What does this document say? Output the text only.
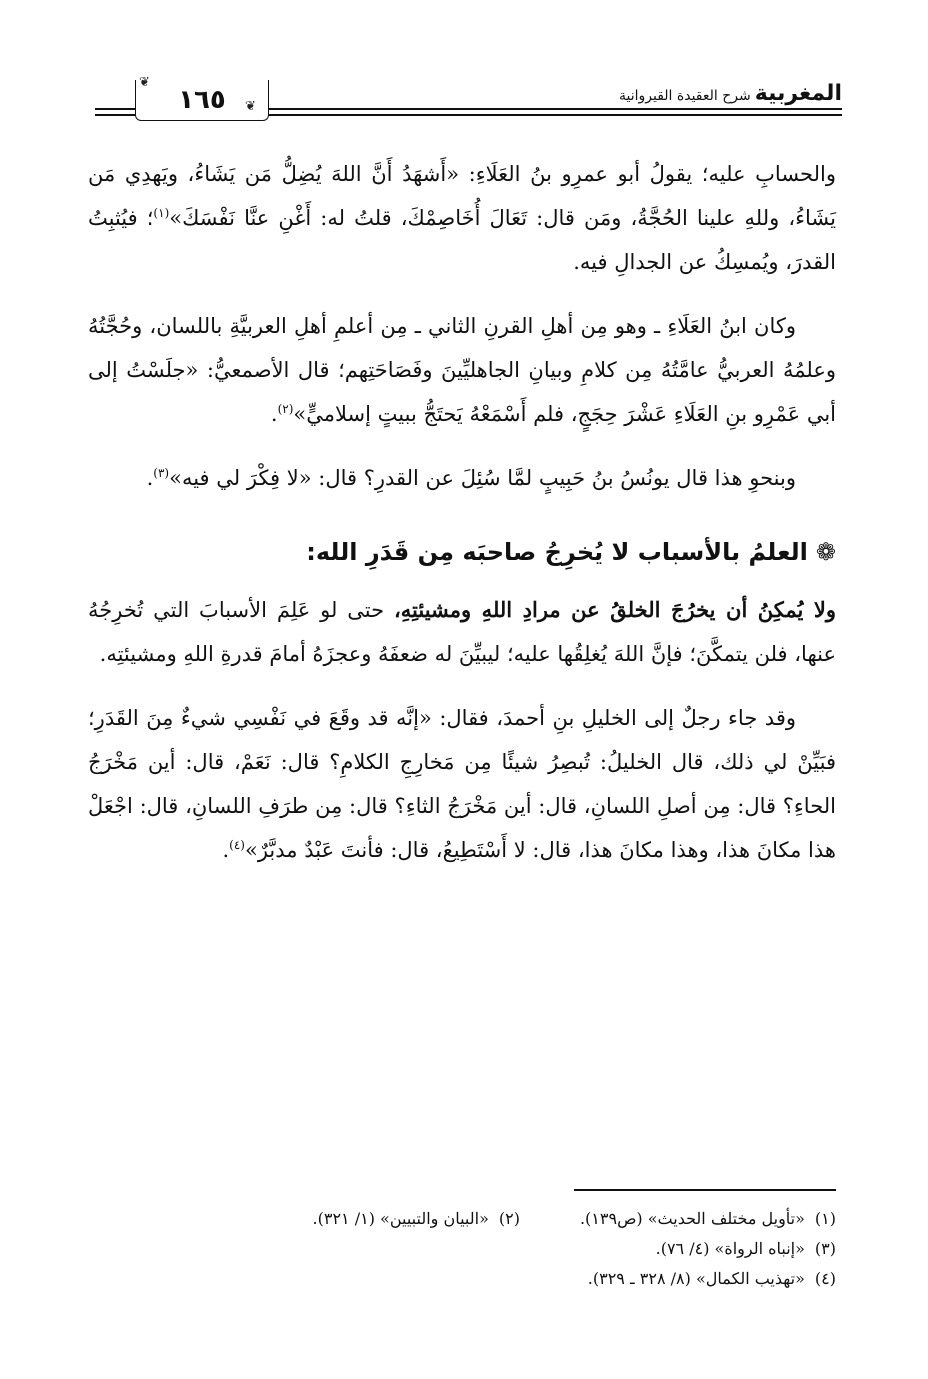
١٦٥
❦
❦
المغربية
شرح العقيدة القيروانية

والحسابِ عليه؛ يقولُ أبو عمرِو بنُ العَلَاءِ: «أَشهَدُ أَنَّ اللهَ يُضِلُّ مَن يَشَاءُ، ويَهدِي مَن يَشَاءُ، وللهِ علينا الحُجَّةُ، ومَن قال: تَعَالَ أُخَاصِمْكَ، قلتُ له: أَغْنِ عنَّا نَفْسَكَ»$^{(١)}$؛ فيُثبِتُ القدرَ، ويُمسِكُ عن الجدالِ فيه.

وكان ابنُ العَلَاءِ ـ وهو مِن أهلِ القرنِ الثاني ـ مِن أعلمِ أهلِ العربيَّةِ باللسان، وحُجَّتُهُ وعلمُهُ العربيُّ عامَّتُهُ مِن كلامِ وبيانِ الجاهليِّينَ وفَصَاحَتِهم؛ قال الأصمعيُّ: «جلَسْتُ إلى أبي عَمْرِو بنِ العَلَاءِ عَشْرَ حِجَجٍ، فلم أَسْمَعْهُ يَحتَجُّ ببيتٍ إسلاميٍّ»$^{(٢)}$.

وبنحوِ هذا قال يونُسُ بنُ حَبِيبٍ لمَّا سُئِلَ عن القدرِ؟ قال: «لا فِكْرَ لي فيه»$^{(٣)}$.

❁
العلمُ بالأسباب لا يُخرِجُ صاحبَه مِن قَدَرِ الله:

ولا يُمكِنُ أن يخرُجَ الخلقُ عن مرادِ اللهِ ومشيئتِهِ، حتى لو عَلِمَ الأسبابَ التي تُخرِجُهُ عنها، فلن يتمكَّنَ؛ فإنَّ اللهَ يُغلِقُها عليه؛ ليبيِّنَ له ضعفَهُ وعجزَهُ أمامَ قدرةِ اللهِ ومشيئتِه.

وقد جاء رجلٌ إلى الخليلِ بنِ أحمدَ، فقال: «إنَّه قد وقَعَ في نَفْسِي شيءٌ مِنَ القَدَرِ؛ فبَيِّنْ لي ذلك، قال الخليلُ: تُبصِرُ شيئًا مِن مَخارِجِ الكلامِ؟ قال: نَعَمْ، قال: أين مَخْرَجُ الحاءِ؟ قال: مِن أصلِ اللسانِ، قال: أين مَخْرَجُ الثاءِ؟ قال: مِن طرَفِ اللسانِ، قال: اجْعَلْ هذا مكانَ هذا، وهذا مكانَ هذا، قال: لا أَسْتَطِيعُ، قال: فأنتَ عَبْدٌ مدبَّرٌ»$^{(٤)}$.

(١)
«تأويل مختلف الحديث» (ص١٣٩).
(٢)
«البيان والتبيين» (١/ ٣٢١).
(٣)
«إنباه الرواة» (٤/ ٧٦).
(٤)
«تهذيب الكمال» (٨/ ٣٢٨ ـ ٣٢٩).
